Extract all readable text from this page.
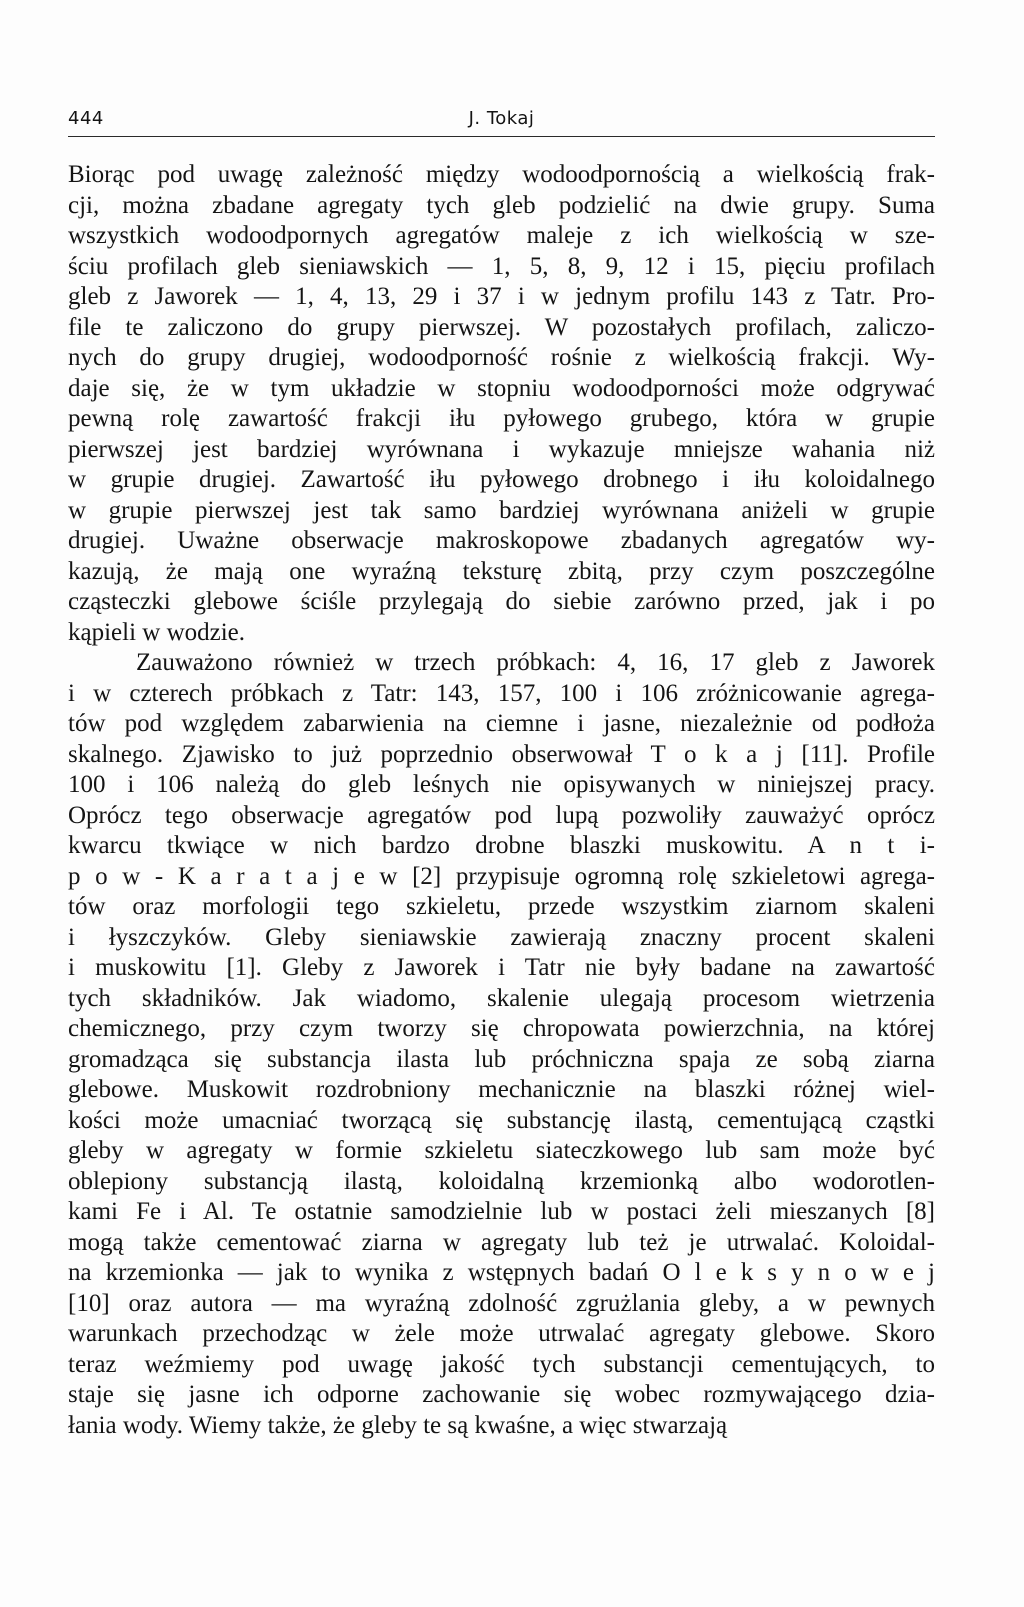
444	J. Tokaj
Biorąc pod uwagę zależność między wodoodpornością a wielkością frak-
cji, można zbadane agregaty tych gleb podzielić na dwie grupy. Suma
wszystkich wodoodpornych agregatów maleje z ich wielkością w sze-
ściu profilach gleb sieniawskich — 1, 5, 8, 9, 12 i 15, pięciu profilach
gleb z Jaworek — 1, 4, 13, 29 i 37 i w jednym profilu 143 z Tatr. Pro-
file te zaliczono do grupy pierwszej. W pozostałych profilach, zaliczo-
nych do grupy drugiej, wodoodporność rośnie z wielkością frakcji. Wy-
daje się, że w tym układzie w stopniu wodoodporności może odgrywać
pewną rolę zawartość frakcji iłu pyłowego grubego, która w grupie
pierwszej jest bardziej wyrównana i wykazuje mniejsze wahania niż
w grupie drugiej. Zawartość iłu pyłowego drobnego i iłu koloidalnego
w grupie pierwszej jest tak samo bardziej wyrównana aniżeli w grupie
drugiej. Uważne obserwacje makroskopowe zbadanych agregatów wy-
kazują, że mają one wyraźną teksturę zbitą, przy czym poszczególne
cząsteczki glebowe ściśle przylegają do siebie zarówno przed, jak i po
kąpieli w wodzie.
Zauważono również w trzech próbkach: 4, 16, 17 gleb z Jaworek
i w czterech próbkach z Tatr: 143, 157, 100 i 106 zróżnicowanie agrega-
tów pod względem zabarwienia na ciemne i jasne, niezależnie od podłoża
skalnego. Zjawisko to już poprzednio obserwował T o k a j [11]. Profile
100 i 106 należą do gleb leśnych nie opisywanych w niniejszej pracy.
Oprócz tego obserwacje agregatów pod lupą pozwoliły zauważyć oprócz
kwarcu tkwiące w nich bardzo drobne blaszki muskowitu. A n t i-
p o w - K a r a t a j e w [2] przypisuje ogromną rolę szkieletowi agrega-
tów oraz morfologii tego szkieletu, przede wszystkim ziarnom skaleni
i łyszczyków. Gleby sieniawskie zawierają znaczny procent skaleni
i muskowitu [1]. Gleby z Jaworek i Tatr nie były badane na zawartość
tych składników. Jak wiadomo, skalenie ulegają procesom wietrzenia
chemicznego, przy czym tworzy się chropowata powierzchnia, na której
gromadząca się substancja ilasta lub próchniczna spaja ze sobą ziarna
glebowe. Muskowit rozdrobniony mechanicznie na blaszki różnej wiel-
kości może umacniać tworzącą się substancję ilastą, cementującą cząstki
gleby w agregaty w formie szkieletu siateczkowego lub sam może być
oblepiony substancją ilastą, koloidalną krzemionką albo wodorotlen-
kami Fe i Al. Te ostatnie samodzielnie lub w postaci żeli mieszanych [8]
mogą także cementować ziarna w agregaty lub też je utrwalać. Koloidal-
na krzemionka — jak to wynika z wstępnych badań O l e k s y n o w e j
[10] oraz autora — ma wyraźną zdolność zgrużlania gleby, a w pewnych
warunkach przechodząc w żele może utrwalać agregaty glebowe. Skoro
teraz weźmiemy pod uwagę jakość tych substancji cementujących, to
staje się jasne ich odporne zachowanie się wobec rozmywającego dzia-
łania wody. Wiemy także, że gleby te są kwaśne, a więc stwarzają
